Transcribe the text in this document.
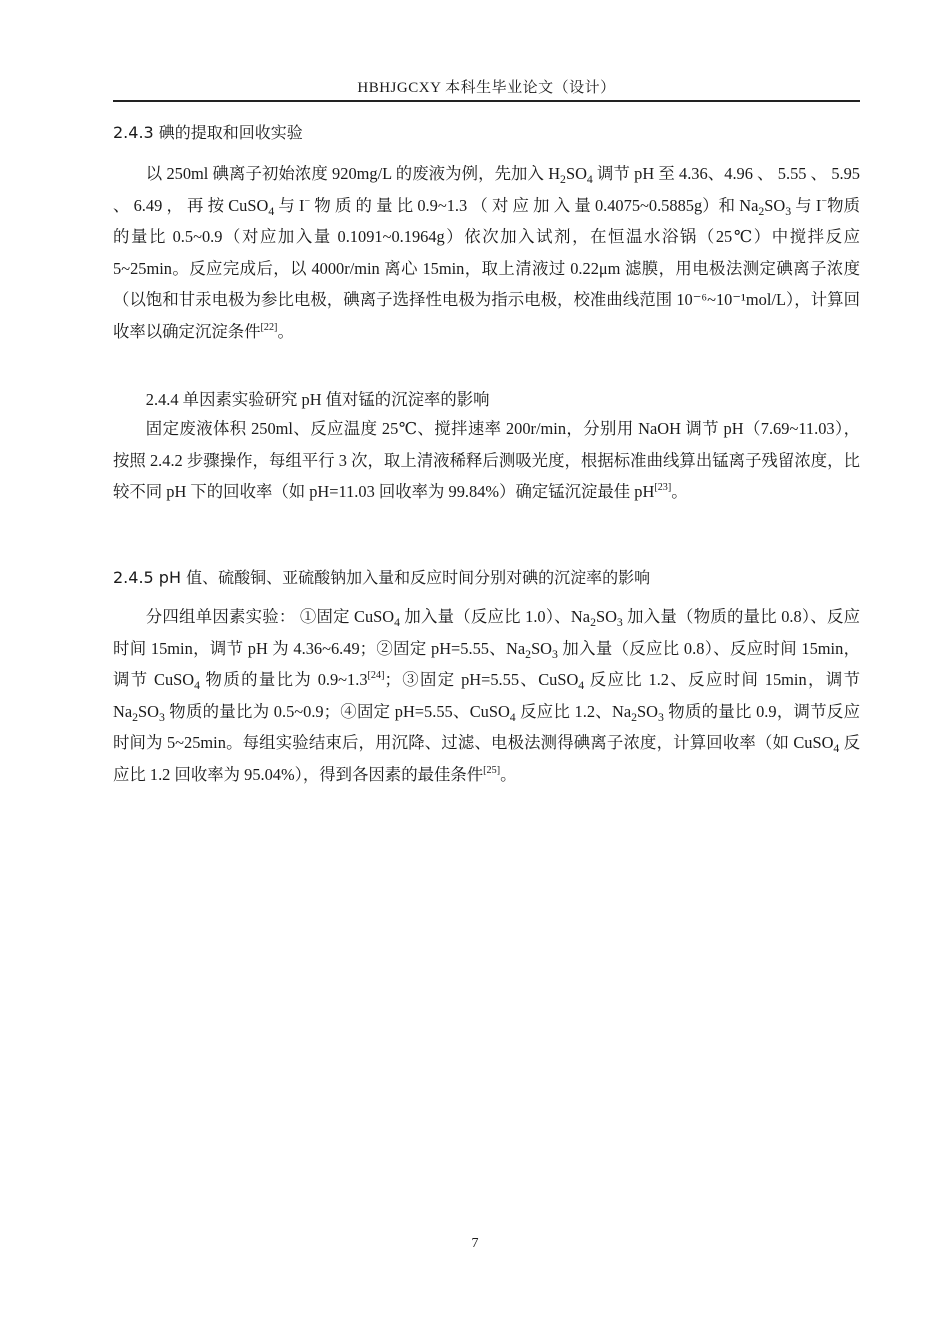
HBHJGCXY 本科生毕业论文（设计）
2.4.3 碘的提取和回收实验
以 250ml 碘离子初始浓度 920mg/L 的废液为例，先加入 $H_2SO_4$ 调节 pH 至 4.36、4.96 、 5.55 、 5.95 、 6.49 ， 再 按 CuSO$_4$ 与 I− 物 质 的 量 比 0.9~1.3 （ 对 应 加 入 量 0.4075~0.5885g）和 $Na_2SO_3$ 与 I−物质的量比 0.5~0.9（对应加入量 0.1091~0.1964g）依次加入试剂，在恒温水浴锅（25℃）中搅拌反应 5~25min。反应完成后，以 4000r/min 离心 15min，取上清液过 0.22μm 滤膜，用电极法测定碘离子浓度（以饱和甘汞电极为参比电极，碘离子选择性电极为指示电极，校准曲线范围 10⁻⁶~10⁻¹mol/L），计算回收率以确定沉淀条件[22]。
2.4.4 单因素实验研究 pH 值对锰的沉淀率的影响
固定废液体积 250ml、反应温度 25℃、搅拌速率 200r/min，分别用 NaOH 调节 pH（7.69~11.03），按照 2.4.2 步骤操作，每组平行 3 次，取上清液稀释后测吸光度，根据标准曲线算出锰离子残留浓度，比较不同 pH 下的回收率（如 pH=11.03 回收率为 99.84%）确定锰沉淀最佳 pH[23]。
2.4.5 pH 值、硫酸铜、亚硫酸钠加入量和反应时间分别对碘的沉淀率的影响
分四组单因素实验： ①固定 CuSO$_4$ 加入量（反应比 1.0）、$Na_2SO_3$ 加入量（物质的量比 0.8）、反应时间 15min，调节 pH 为 4.36~6.49；②固定 pH=5.55、$Na_2SO_3$ 加入量（反应比 0.8）、反应时间 15min，调节 CuSO$_4$ 物质的量比为 0.9~1.3[24]；③固定 pH=5.55、CuSO$_4$ 反应比 1.2、反应时间 15min，调节 $Na_2SO_3$ 物质的量比为 0.5~0.9；④固定 pH=5.55、CuSO$_4$ 反应比 1.2、$Na_2SO_3$ 物质的量比 0.9，调节反应时间为 5~25min。每组实验结束后，用沉降、过滤、电极法测得碘离子浓度，计算回收率（如 CuSO$_4$ 反应比 1.2 回收率为 95.04%），得到各因素的最佳条件[25]。
7
